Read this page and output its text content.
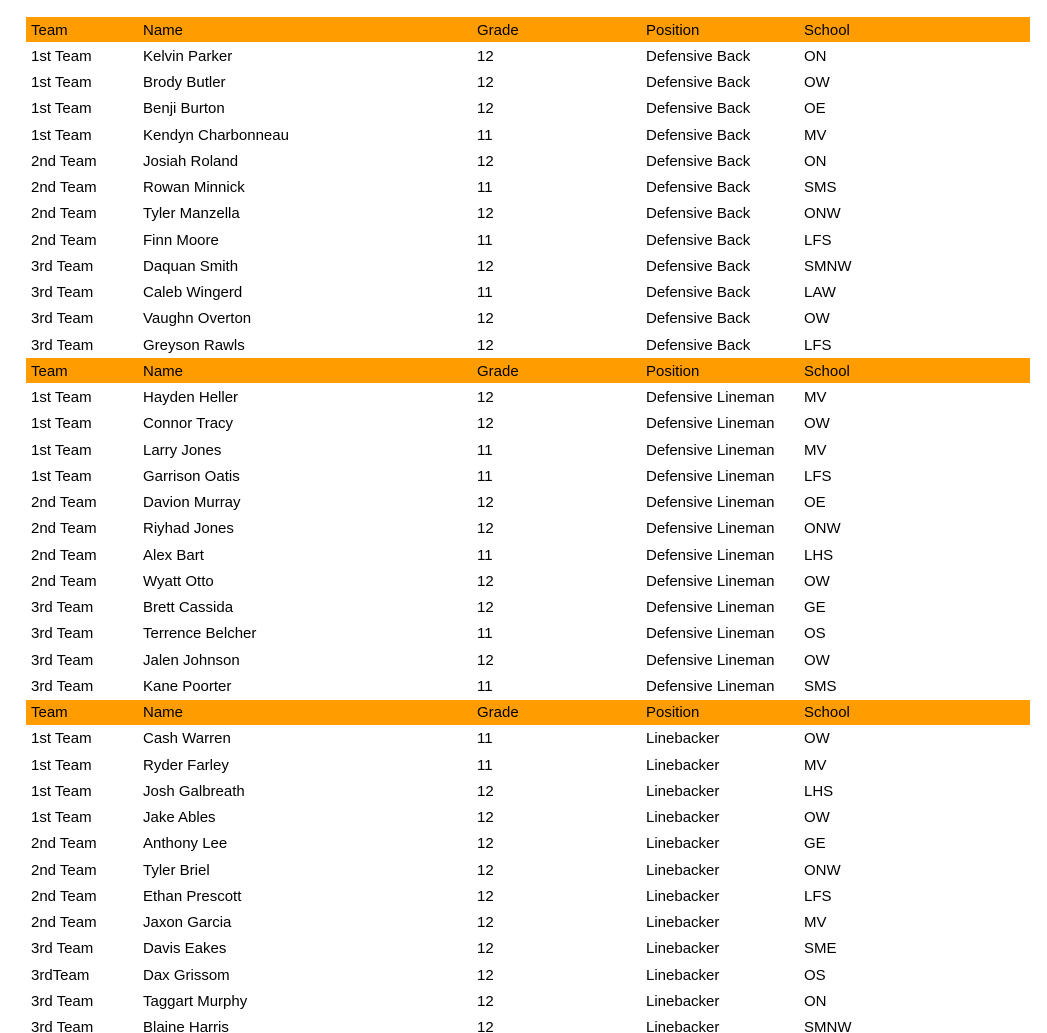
Team	Name	Grade	Position	School
1st Team	Kelvin Parker	12	Defensive Back	ON
1st Team	Brody Butler	12	Defensive Back	OW
1st Team	Benji Burton	12	Defensive Back	OE
1st Team	Kendyn Charbonneau	11	Defensive Back	MV
2nd Team	Josiah Roland	12	Defensive Back	ON
2nd Team	Rowan Minnick	11	Defensive Back	SMS
2nd Team	Tyler Manzella	12	Defensive Back	ONW
2nd Team	Finn Moore	11	Defensive Back	LFS
3rd Team	Daquan Smith	12	Defensive Back	SMNW
3rd Team	Caleb Wingerd	11	Defensive Back	LAW
3rd Team	Vaughn Overton	12	Defensive Back	OW
3rd Team	Greyson Rawls	12	Defensive Back	LFS
Team	Name	Grade	Position	School
1st Team	Hayden Heller	12	Defensive Lineman	MV
1st Team	Connor Tracy	12	Defensive Lineman	OW
1st Team	Larry Jones	11	Defensive Lineman	MV
1st Team	Garrison Oatis	11	Defensive Lineman	LFS
2nd Team	Davion Murray	12	Defensive Lineman	OE
2nd Team	Riyhad Jones	12	Defensive Lineman	ONW
2nd Team	Alex Bart	11	Defensive Lineman	LHS
2nd Team	Wyatt Otto	12	Defensive Lineman	OW
3rd Team	Brett Cassida	12	Defensive Lineman	GE
3rd Team	Terrence Belcher	11	Defensive Lineman	OS
3rd Team	Jalen Johnson	12	Defensive Lineman	OW
3rd Team	Kane Poorter	11	Defensive Lineman	SMS
Team	Name	Grade	Position	School
1st Team	Cash Warren	11	Linebacker	OW
1st Team	Ryder Farley	11	Linebacker	MV
1st Team	Josh Galbreath	12	Linebacker	LHS
1st Team	Jake Ables	12	Linebacker	OW
2nd Team	Anthony Lee	12	Linebacker	GE
2nd Team	Tyler Briel	12	Linebacker	ONW
2nd Team	Ethan Prescott	12	Linebacker	LFS
2nd Team	Jaxon Garcia	12	Linebacker	MV
3rd Team	Davis Eakes	12	Linebacker	SME
3rdTeam	Dax Grissom	12	Linebacker	OS
3rd Team	Taggart Murphy	12	Linebacker	ON
3rd Team	Blaine Harris	12	Linebacker	SMNW
